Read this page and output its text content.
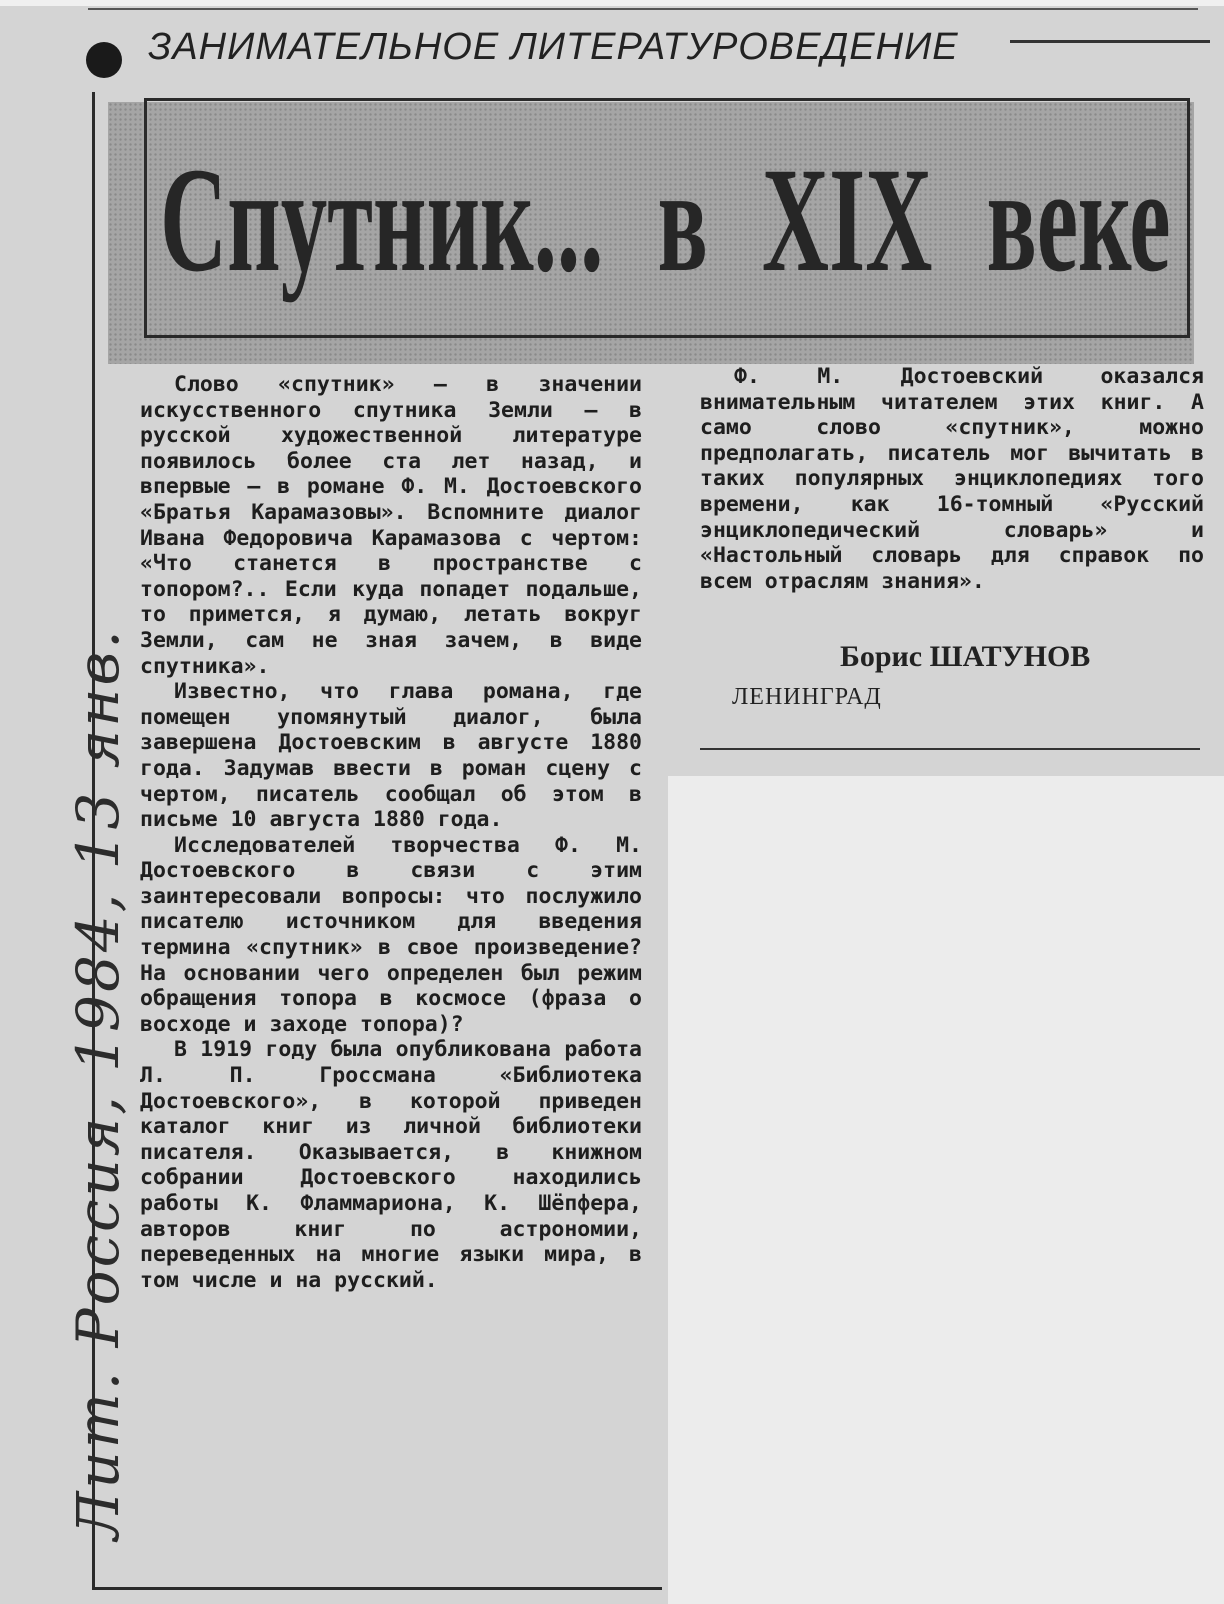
ЗАНИМАТЕЛЬНОЕ ЛИТЕРАТУРОВЕДЕНИЕ
Спутник... в XIX веке

Слово «спутник» — в значении искусственного спутника Земли — в русской художественной литературе появилось более ста лет назад, и впервые — в романе Ф. М. Достоевского «Братья Карамазовы». Вспомните диалог Ивана Федоровича Карамазова с чертом: «Что станется в пространстве с топором?.. Если куда попадет подальше, то примется, я думаю, летать вокруг Земли, сам не зная зачем, в виде спутника».

Известно, что глава романа, где помещен упомянутый диалог, была завершена Достоевским в августе 1880 года. Задумав ввести в роман сцену с чертом, писатель сообщал об этом в письме 10 августа 1880 года.

Исследователей творчества Ф. М. Достоевского в связи с этим заинтересовали вопросы: что послужило писателю источником для введения термина «спутник» в свое произведение? На основании чего определен был режим обращения топора в космосе (фраза о восходе и заходе топора)?

В 1919 году была опубликована работа Л. П. Гроссмана «Библиотека Достоевского», в которой приведен каталог книг из личной библиотеки писателя. Оказывается, в книжном собрании Достоевского находились работы К. Фламмариона, К. Шёпфера, авторов книг по астрономии, переведенных на многие языки мира, в том числе и на русский.

Ф. М. Достоевский оказался внимательным читателем этих книг. А само слово «спутник», можно предполагать, писатель мог вычитать в таких популярных энциклопедиях того времени, как 16-томный «Русский энциклопедический словарь» и «Настольный словарь для справок по всем отраслям знания».

Борис ШАТУНОВ
ЛЕНИНГРАД
Лит. Россия, 1984, 13 янв.
